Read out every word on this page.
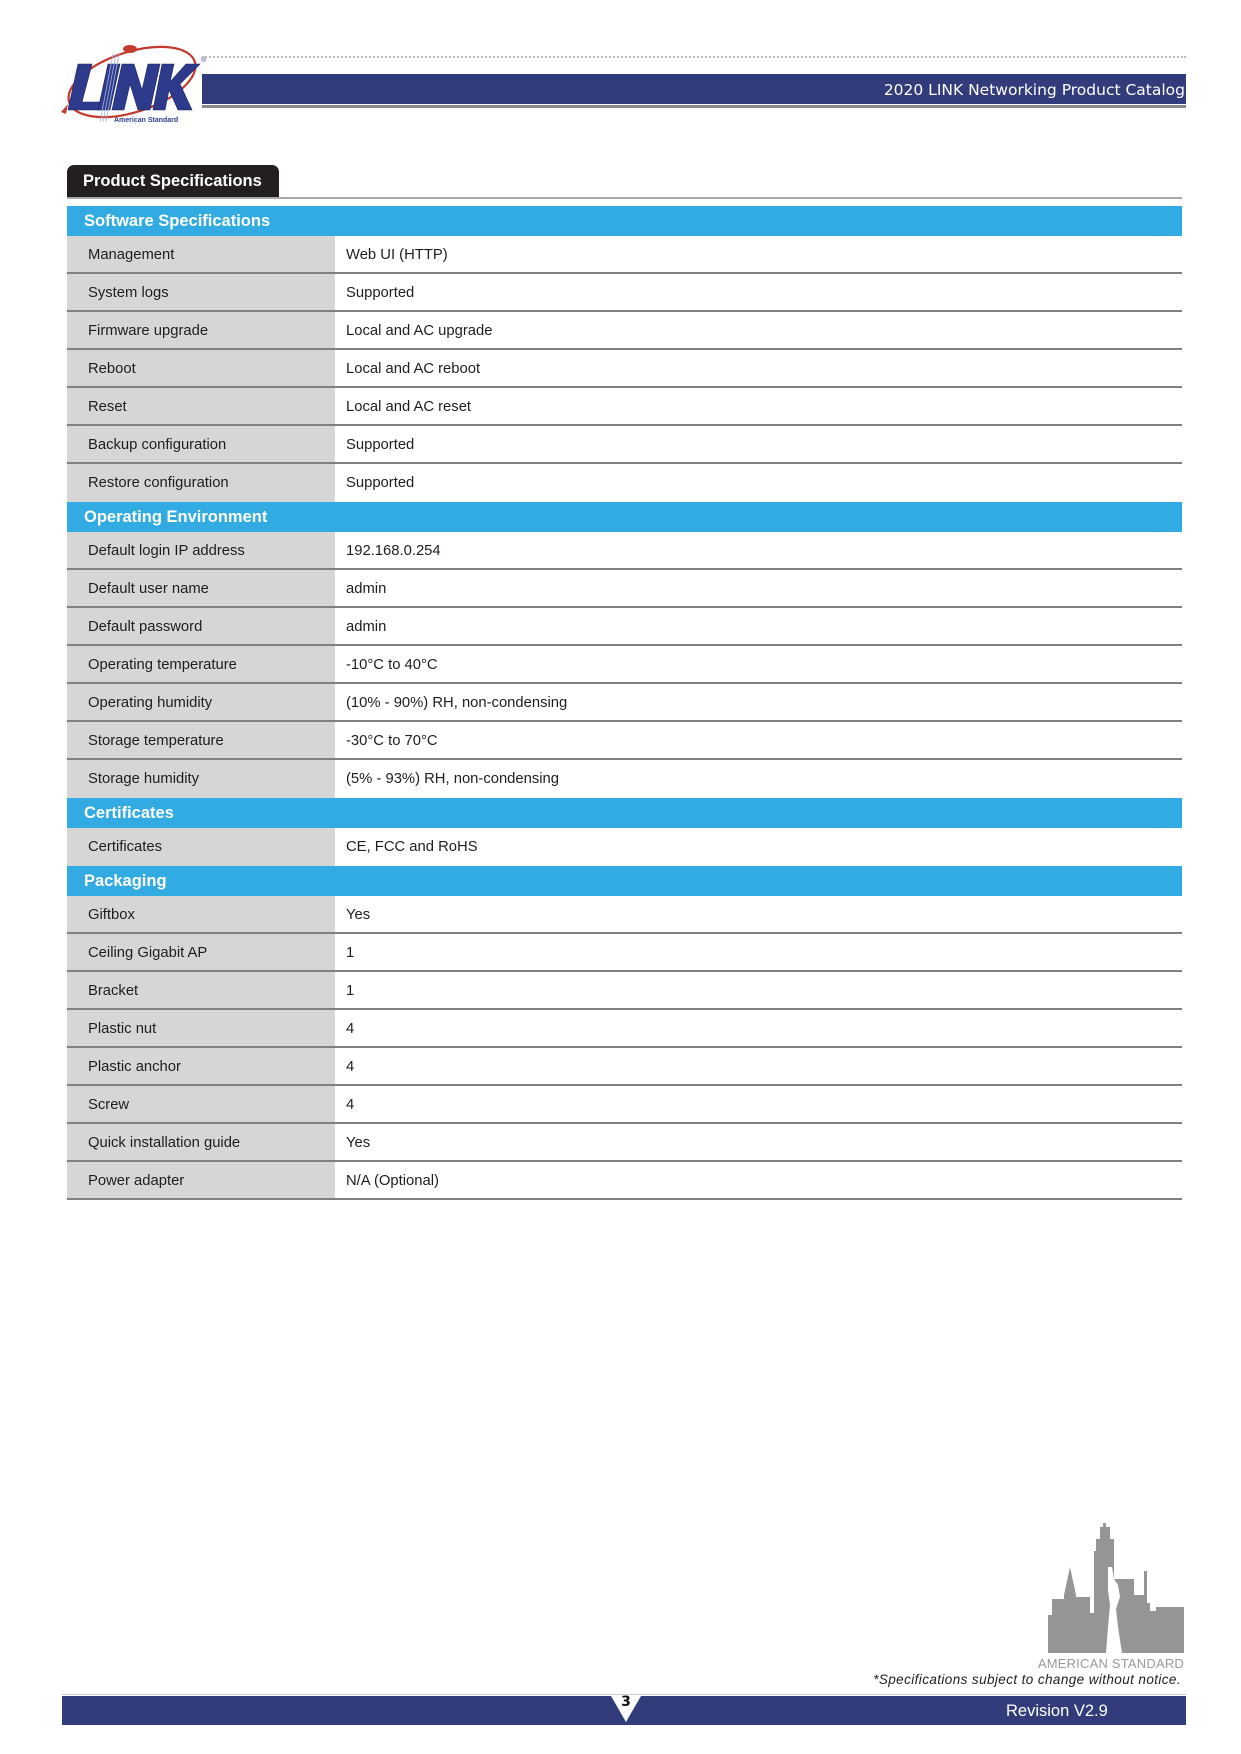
®
American Standard
2020 LINK Networking Product Catalog
Product Specifications
Software Specifications
Management	Web UI (HTTP)
System logs	Supported
Firmware upgrade	Local and AC upgrade
Reboot	Local and AC reboot
Reset	Local and AC reset
Backup configuration	Supported
Restore configuration	Supported
Operating Environment
Default login IP address	192.168.0.254
Default user name	admin
Default password	admin
Operating temperature	-10°C to 40°C
Operating humidity	(10% - 90%) RH, non-condensing
Storage temperature	-30°C to 70°C
Storage humidity	(5% - 93%) RH, non-condensing
Certificates
Certificates	CE, FCC and RoHS
Packaging
Giftbox	Yes
Ceiling Gigabit AP	1
Bracket	1
Plastic nut	4
Plastic anchor	4
Screw	4
Quick installation guide	Yes
Power adapter	N/A (Optional)
AMERICAN STANDARD
*Specifications subject to change without notice.
3	Revision V2.9
